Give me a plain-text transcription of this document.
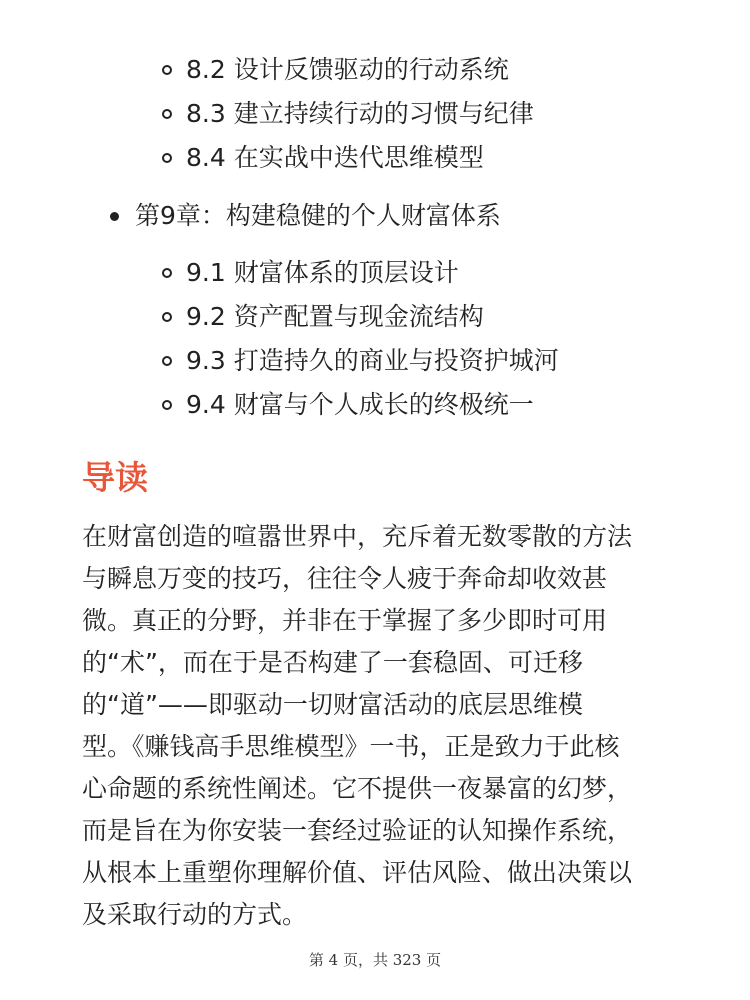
8.2 设计反馈驱动的行动系统
8.3 建立持续行动的习惯与纪律
8.4 在实战中迭代思维模型
第9章：构建稳健的个人财富体系
9.1 财富体系的顶层设计
9.2 资产配置与现金流结构
9.3 打造持久的商业与投资护城河
9.4 财富与个人成长的终极统一
导读
在财富创造的喧嚣世界中，充斥着无数零散的方法
与瞬息万变的技巧，往往令人疲于奔命却收效甚
微。真正的分野，并非在于掌握了多少即时可用
的“术”，而在于是否构建了一套稳固、可迁移
的“道”——即驱动一切财富活动的底层思维模
型。《赚钱高手思维模型》一书，正是致力于此核
心命题的系统性阐述。它不提供一夜暴富的幻梦，
而是旨在为你安装一套经过验证的认知操作系统，
从根本上重塑你理解价值、评估风险、做出决策以
及采取行动的方式。
第 4 页，共 323 页
